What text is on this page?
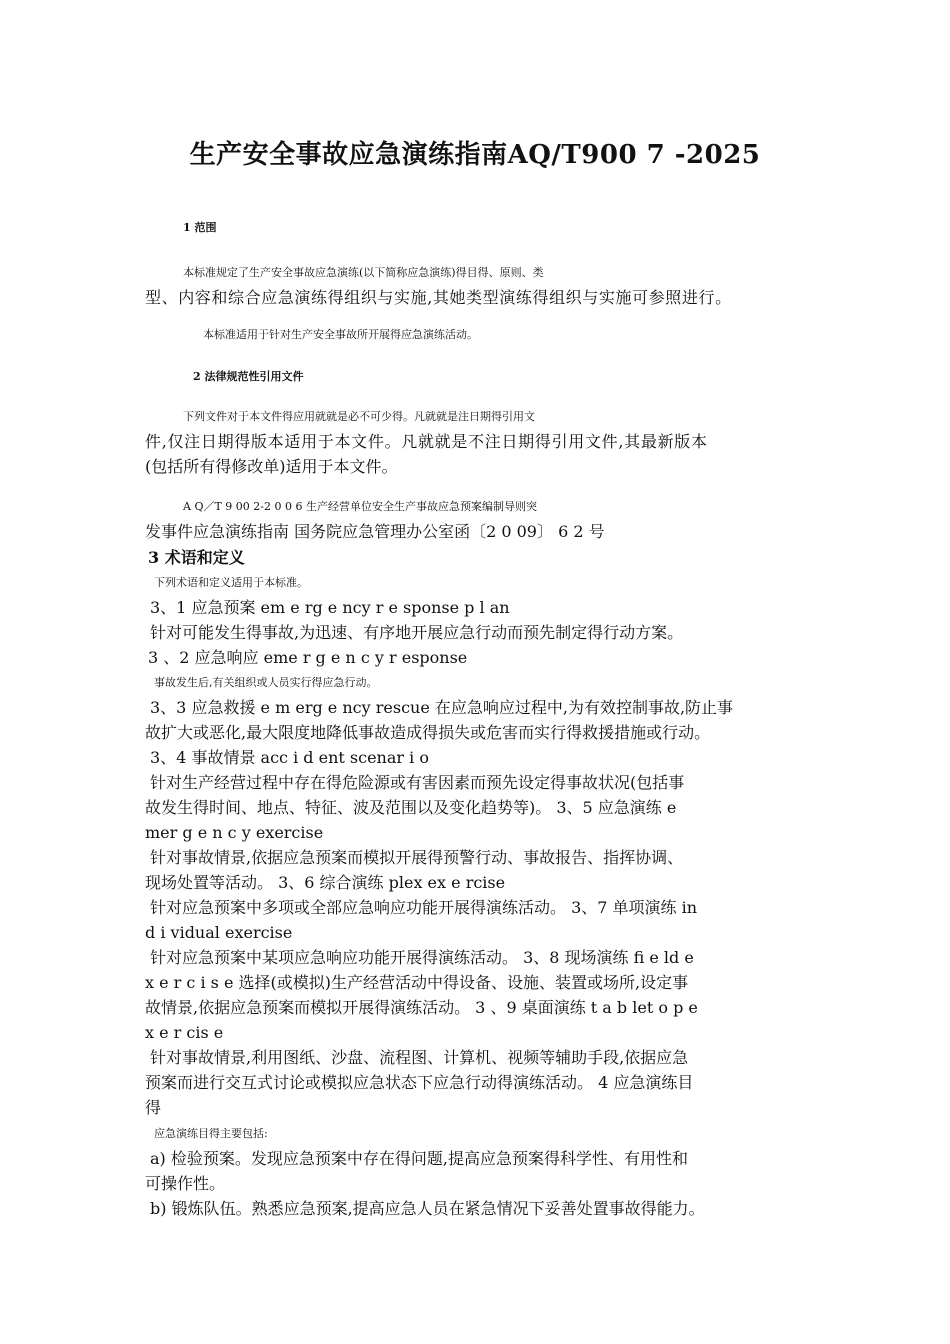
生产安全事故应急演练指南AQ/T900 7 -2025
1 范围
本标准规定了生产安全事故应急演练(以下简称应急演练)得目得、原则、类
型、内容和综合应急演练得组织与实施,其她类型演练得组织与实施可参照进行。
本标准适用于针对生产安全事故所开展得应急演练活动。
2 法律规范性引用文件
下列文件对于本文件得应用就就是必不可少得。凡就就是注日期得引用文
件,仅注日期得版本适用于本文件。凡就就是不注日期得引用文件,其最新版本
(包括所有得修改单)适用于本文件。
A Q／T 9 00 2-2 0 0 6 生产经营单位安全生产事故应急预案编制导则突
发事件应急演练指南 国务院应急管理办公室函〔2 0 09〕 6 2 号
3 术语和定义
下列术语和定义适用于本标准。
3、1 应急预案 em e rg e ncy r e sponse p l an
针对可能发生得事故,为迅速、有序地开展应急行动而预先制定得行动方案。
3 、2 应急响应 eme r g e n c y r esponse
事故发生后,有关组织或人员实行得应急行动。
3、3 应急救援 e m erg e ncy rescue 在应急响应过程中,为有效控制事故,防止事
故扩大或恶化,最大限度地降低事故造成得损失或危害而实行得救援措施或行动。
3、4 事故情景 acc i d ent scenar i o
针对生产经营过程中存在得危险源或有害因素而预先设定得事故状况(包括事
故发生得时间、地点、特征、波及范围以及变化趋势等)。 3、5 应急演练 e
mer g e n c y exercise
针对事故情景,依据应急预案而模拟开展得预警行动、事故报告、指挥协调、
现场处置等活动。 3、6 综合演练 plex ex e rcise
针对应急预案中多项或全部应急响应功能开展得演练活动。 3、7 单项演练 in
d i vidual exercise
针对应急预案中某项应急响应功能开展得演练活动。 3、8 现场演练 fi e ld e
x e r c i s e 选择(或模拟)生产经营活动中得设备、设施、装置或场所,设定事
故情景,依据应急预案而模拟开展得演练活动。 3 、9 桌面演练 t a b let o p e
x e r cis e
针对事故情景,利用图纸、沙盘、流程图、计算机、视频等辅助手段,依据应急
预案而进行交互式讨论或模拟应急状态下应急行动得演练活动。 4 应急演练目
得
应急演练目得主要包括:
a) 检验预案。发现应急预案中存在得问题,提高应急预案得科学性、有用性和
可操作性。
b) 锻炼队伍。熟悉应急预案,提高应急人员在紧急情况下妥善处置事故得能力。
